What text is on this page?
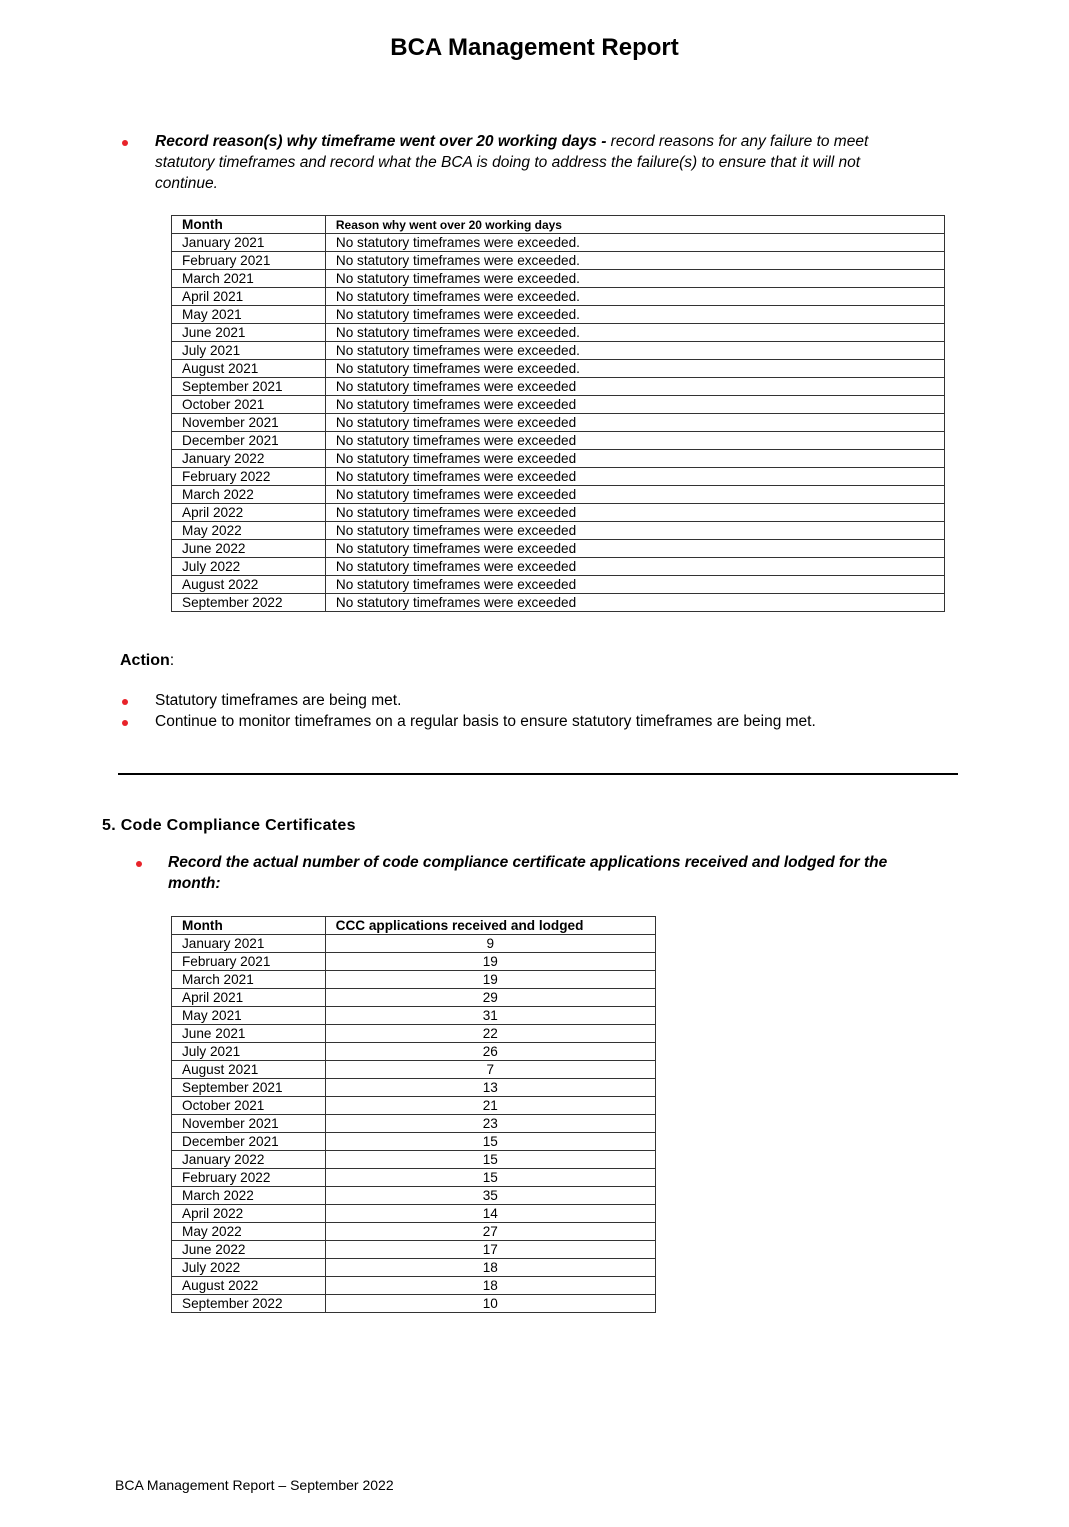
BCA Management Report
Record reason(s) why timeframe went over 20 working days - record reasons for any failure to meet
statutory timeframes and record what the BCA is doing to address the failure(s) to ensure that it will not
continue.
Month	Reason why went over 20 working days
January 2021	No statutory timeframes were exceeded.
February 2021	No statutory timeframes were exceeded.
March 2021	No statutory timeframes were exceeded.
April 2021	No statutory timeframes were exceeded.
May 2021	No statutory timeframes were exceeded.
June 2021	No statutory timeframes were exceeded.
July 2021	No statutory timeframes were exceeded.
August 2021	No statutory timeframes were exceeded.
September 2021	No statutory timeframes were exceeded
October 2021	No statutory timeframes were exceeded
November 2021	No statutory timeframes were exceeded
December 2021	No statutory timeframes were exceeded
January 2022	No statutory timeframes were exceeded
February 2022	No statutory timeframes were exceeded
March 2022	No statutory timeframes were exceeded
April 2022	No statutory timeframes were exceeded
May 2022	No statutory timeframes were exceeded
June 2022	No statutory timeframes were exceeded
July 2022	No statutory timeframes were exceeded
August 2022	No statutory timeframes were exceeded
September 2022	No statutory timeframes were exceeded
Action:
Statutory timeframes are being met.
Continue to monitor timeframes on a regular basis to ensure statutory timeframes are being met.
5. Code Compliance Certificates
Record the actual number of code compliance certificate applications received and lodged for the
month:
Month	CCC applications received and lodged
January 2021	9
February 2021	19
March 2021	19
April 2021	29
May 2021	31
June 2021	22
July 2021	26
August 2021	7
September 2021	13
October 2021	21
November 2021	23
December 2021	15
January 2022	15
February 2022	15
March 2022	35
April 2022	14
May 2022	27
June 2022	17
July 2022	18
August 2022	18
September 2022	10
BCA Management Report – September 2022
